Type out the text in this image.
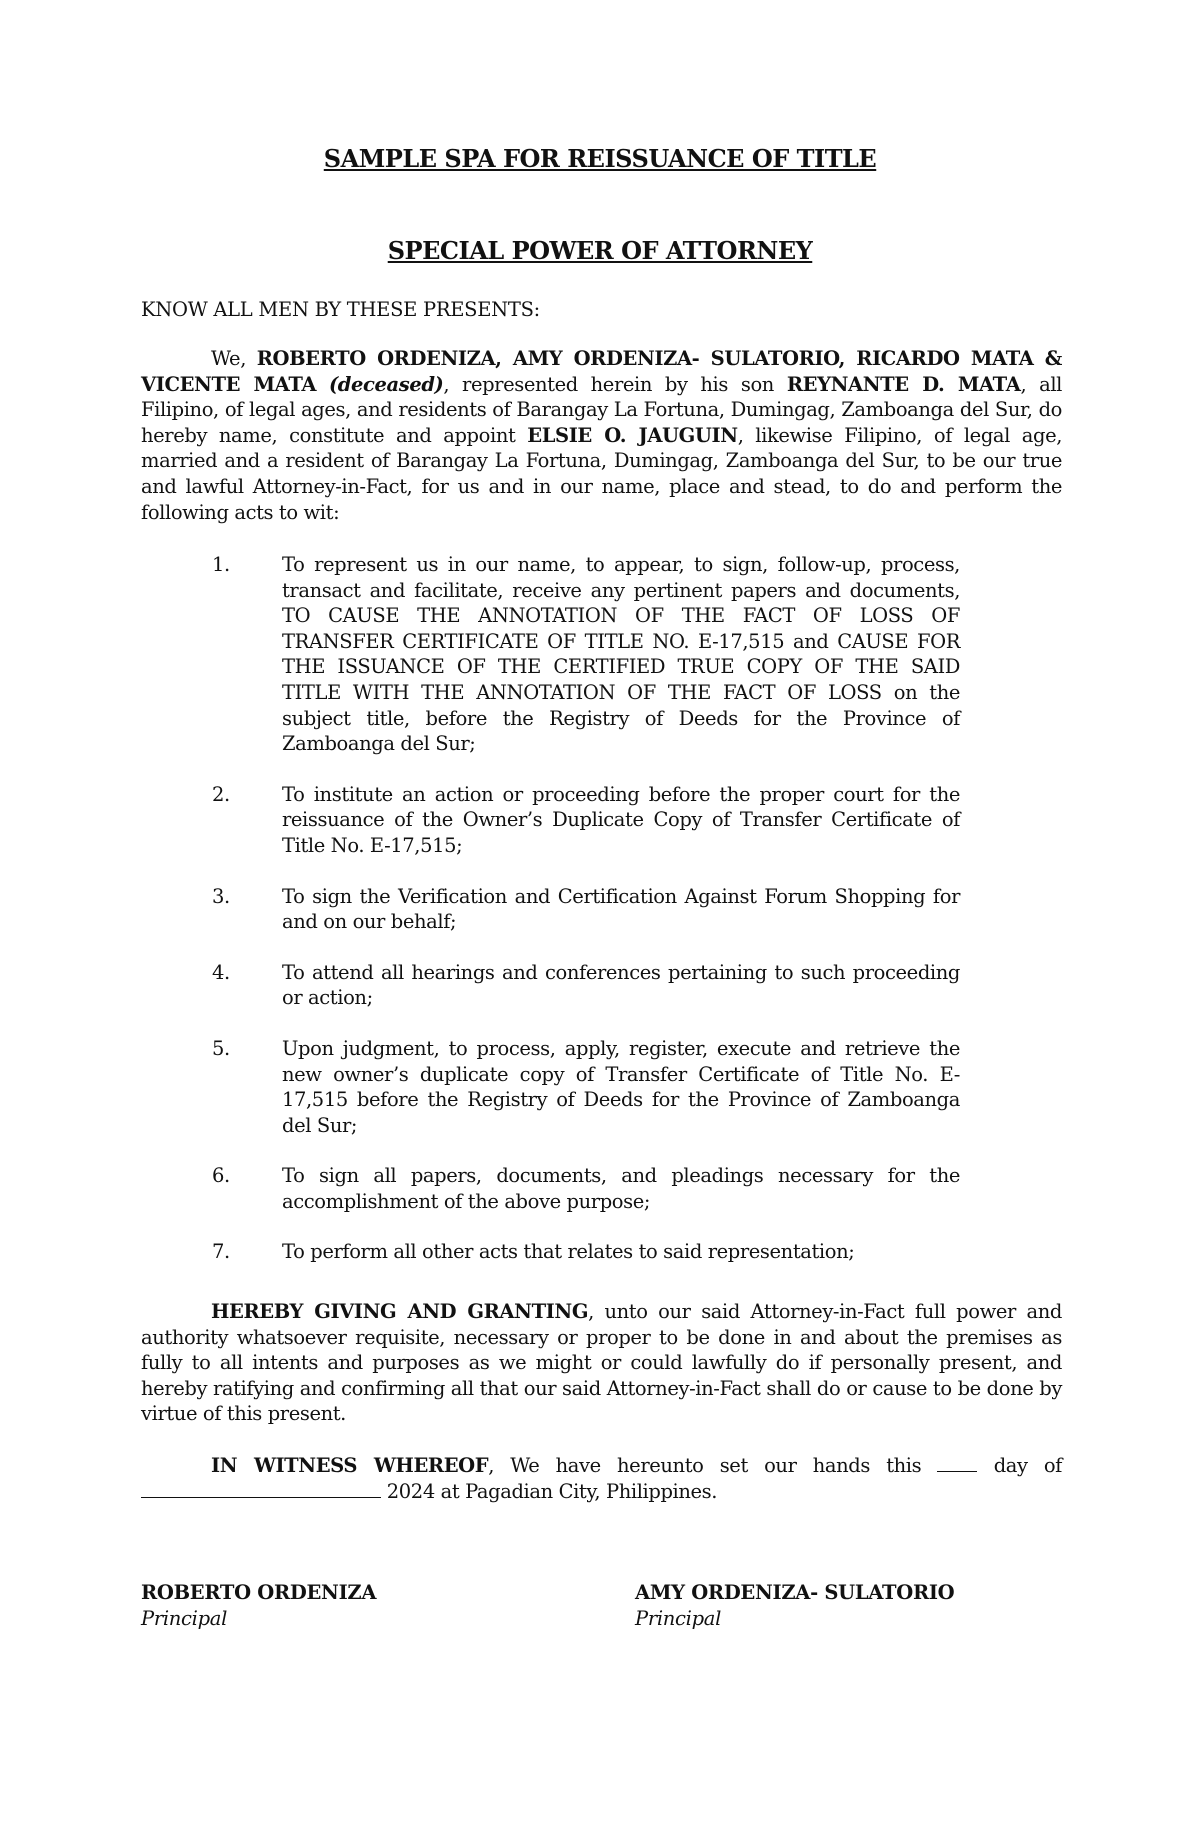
SAMPLE SPA FOR REISSUANCE OF TITLE
SPECIAL POWER OF ATTORNEY
KNOW ALL MEN BY THESE PRESENTS:
We, ROBERTO ORDENIZA, AMY ORDENIZA- SULATORIO, RICARDO MATA & VICENTE MATA (deceased), represented herein by his son REYNANTE D. MATA, all Filipino, of legal ages, and residents of Barangay La Fortuna, Dumingag, Zamboanga del Sur, do hereby name, constitute and appoint ELSIE O. JAUGUIN, likewise Filipino, of legal age, married and a resident of Barangay La Fortuna, Dumingag, Zamboanga del Sur, to be our true and lawful Attorney-in-Fact, for us and in our name, place and stead, to do and perform the following acts to wit:
1.	To represent us in our name, to appear, to sign, follow-up, process, transact and facilitate, receive any pertinent papers and documents, TO CAUSE THE ANNOTATION OF THE FACT OF LOSS OF TRANSFER CERTIFICATE OF TITLE NO. E-17,515 and CAUSE FOR THE ISSUANCE OF THE CERTIFIED TRUE COPY OF THE SAID TITLE WITH THE ANNOTATION OF THE FACT OF LOSS on the subject title, before the Registry of Deeds for the Province of Zamboanga del Sur;
2.	To institute an action or proceeding before the proper court for the reissuance of the Owner’s Duplicate Copy of Transfer Certificate of Title No. E-17,515;
3.	To sign the Verification and Certification Against Forum Shopping for and on our behalf;
4.	To attend all hearings and conferences pertaining to such proceeding or action;
5.	Upon judgment, to process, apply, register, execute and retrieve the new owner’s duplicate copy of Transfer Certificate of Title No. E-17,515 before the Registry of Deeds for the Province of Zamboanga del Sur;
6.	To sign all papers, documents, and pleadings necessary for the accomplishment of the above purpose;
7.	To perform all other acts that relates to said representation;
HEREBY GIVING AND GRANTING, unto our said Attorney-in-Fact full power and authority whatsoever requisite, necessary or proper to be done in and about the premises as fully to all intents and purposes as we might or could lawfully do if personally present, and hereby ratifying and confirming all that our said Attorney-in-Fact shall do or cause to be done by virtue of this present.
IN WITNESS WHEREOF, We have hereunto set our hands this  day of  2024 at Pagadian City, Philippines.
ROBERTO ORDENIZA
Principal
AMY ORDENIZA- SULATORIO
Principal
